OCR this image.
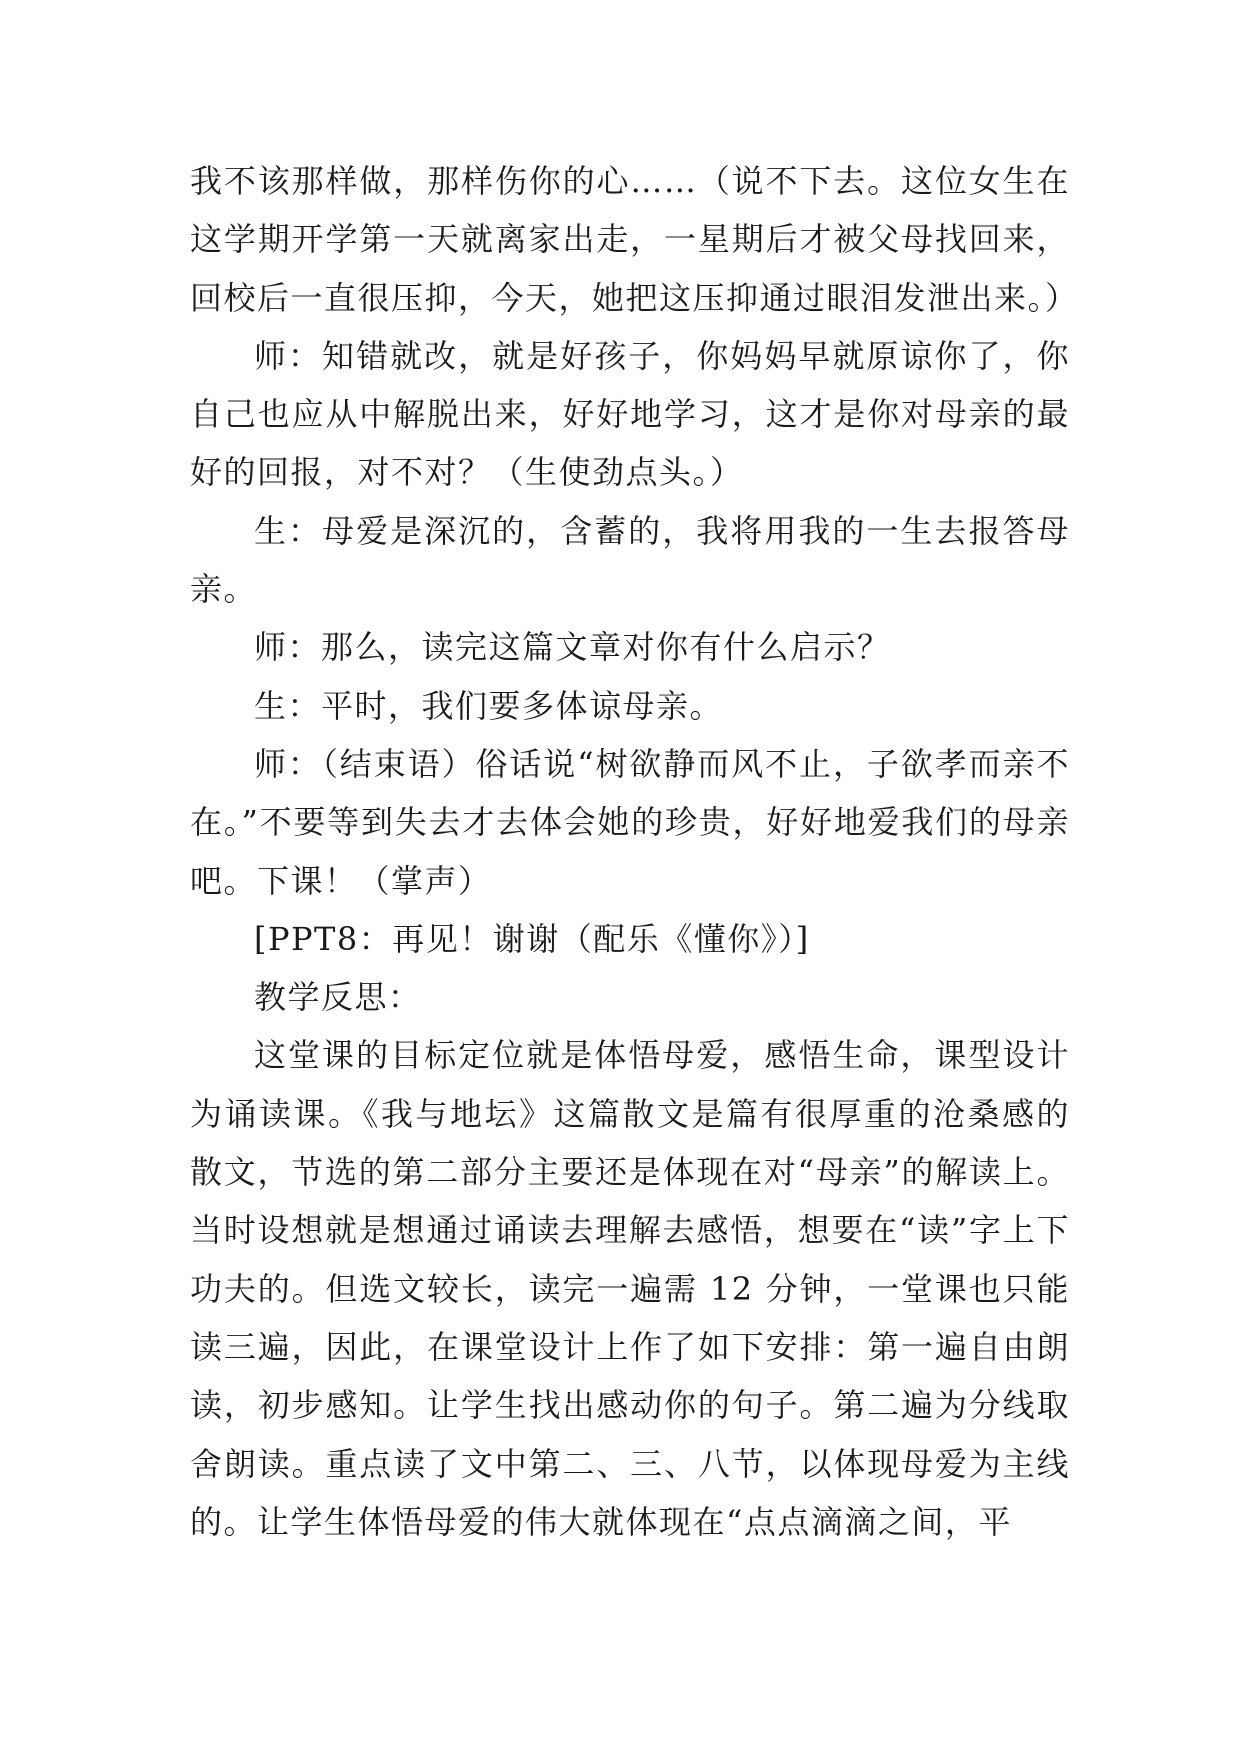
我不该那样做，那样伤你的心……（说不下去。这位女生在这学期开学第一天就离家出走，一星期后才被父母找回来，回校后一直很压抑，今天，她把这压抑通过眼泪发泄出来。）

师：知错就改，就是好孩子，你妈妈早就原谅你了，你自己也应从中解脱出来，好好地学习，这才是你对母亲的最好的回报，对不对？（生使劲点头。）

生：母爱是深沉的，含蓄的，我将用我的一生去报答母亲。

师：那么，读完这篇文章对你有什么启示？

生：平时，我们要多体谅母亲。

师：（结束语）俗话说“树欲静而风不止，子欲孝而亲不在。”不要等到失去才去体会她的珍贵，好好地爱我们的母亲吧。下课！（掌声）

[PPT8：再见！谢谢（配乐《懂你》）]

教学反思：

这堂课的目标定位就是体悟母爱，感悟生命，课型设计为诵读课。《我与地坛》这篇散文是篇有很厚重的沧桑感的散文，节选的第二部分主要还是体现在对“母亲”的解读上。当时设想就是想通过诵读去理解去感悟，想要在“读”字上下功夫的。但选文较长，读完一遍需 12 分钟，一堂课也只能读三遍，因此，在课堂设计上作了如下安排：第一遍自由朗读，初步感知。让学生找出感动你的句子。第二遍为分线取舍朗读。重点读了文中第二、三、八节，以体现母爱为主线的。让学生体悟母爱的伟大就体现在“点点滴滴之间，平
